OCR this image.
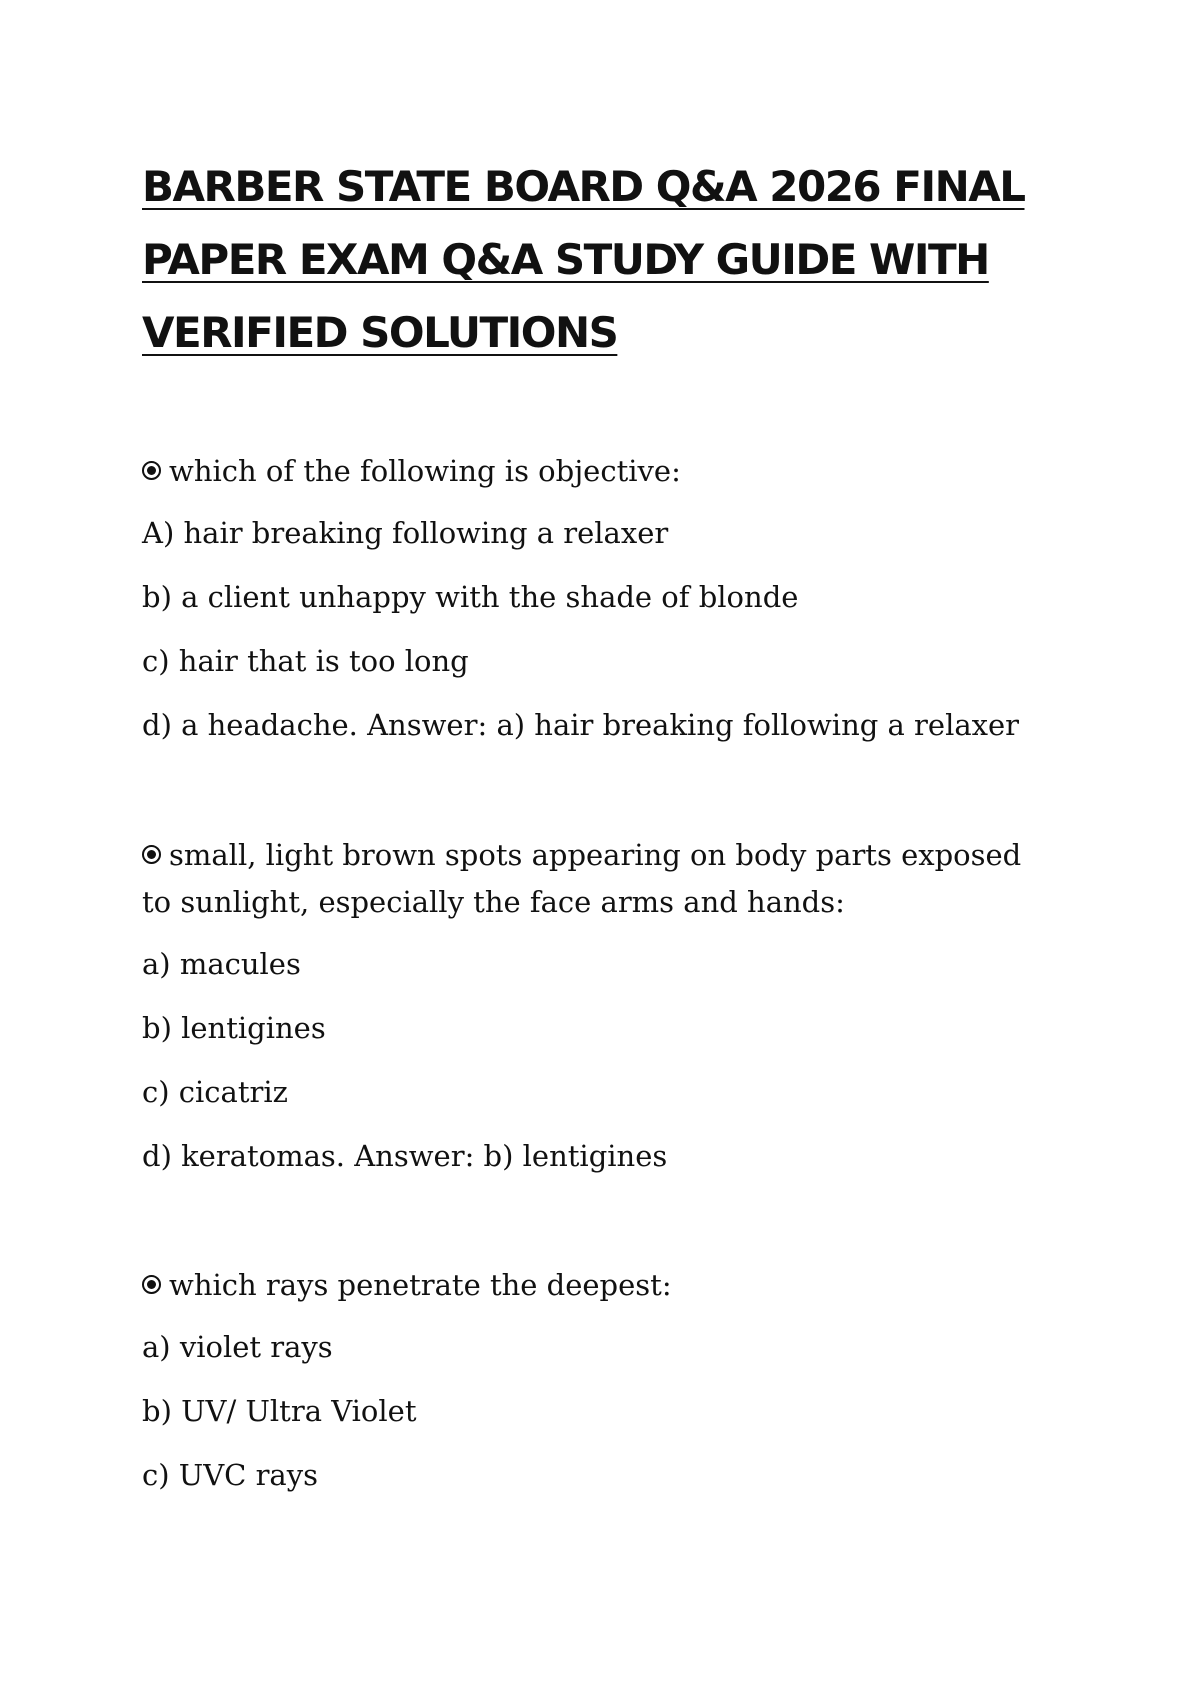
BARBER STATE BOARD Q&A 2026 FINAL PAPER EXAM Q&A STUDY GUIDE WITH VERIFIED SOLUTIONS

which of the following is objective:

A) hair breaking following a relaxer

b) a client unhappy with the shade of blonde

c) hair that is too long

d) a headache. Answer: a) hair breaking following a relaxer

small, light brown spots appearing on body parts exposed to sunlight, especially the face arms and hands:

a) macules

b) lentigines

c) cicatriz

d) keratomas. Answer: b) lentigines

which rays penetrate the deepest:

a) violet rays

b) UV/ Ultra Violet

c) UVC rays
